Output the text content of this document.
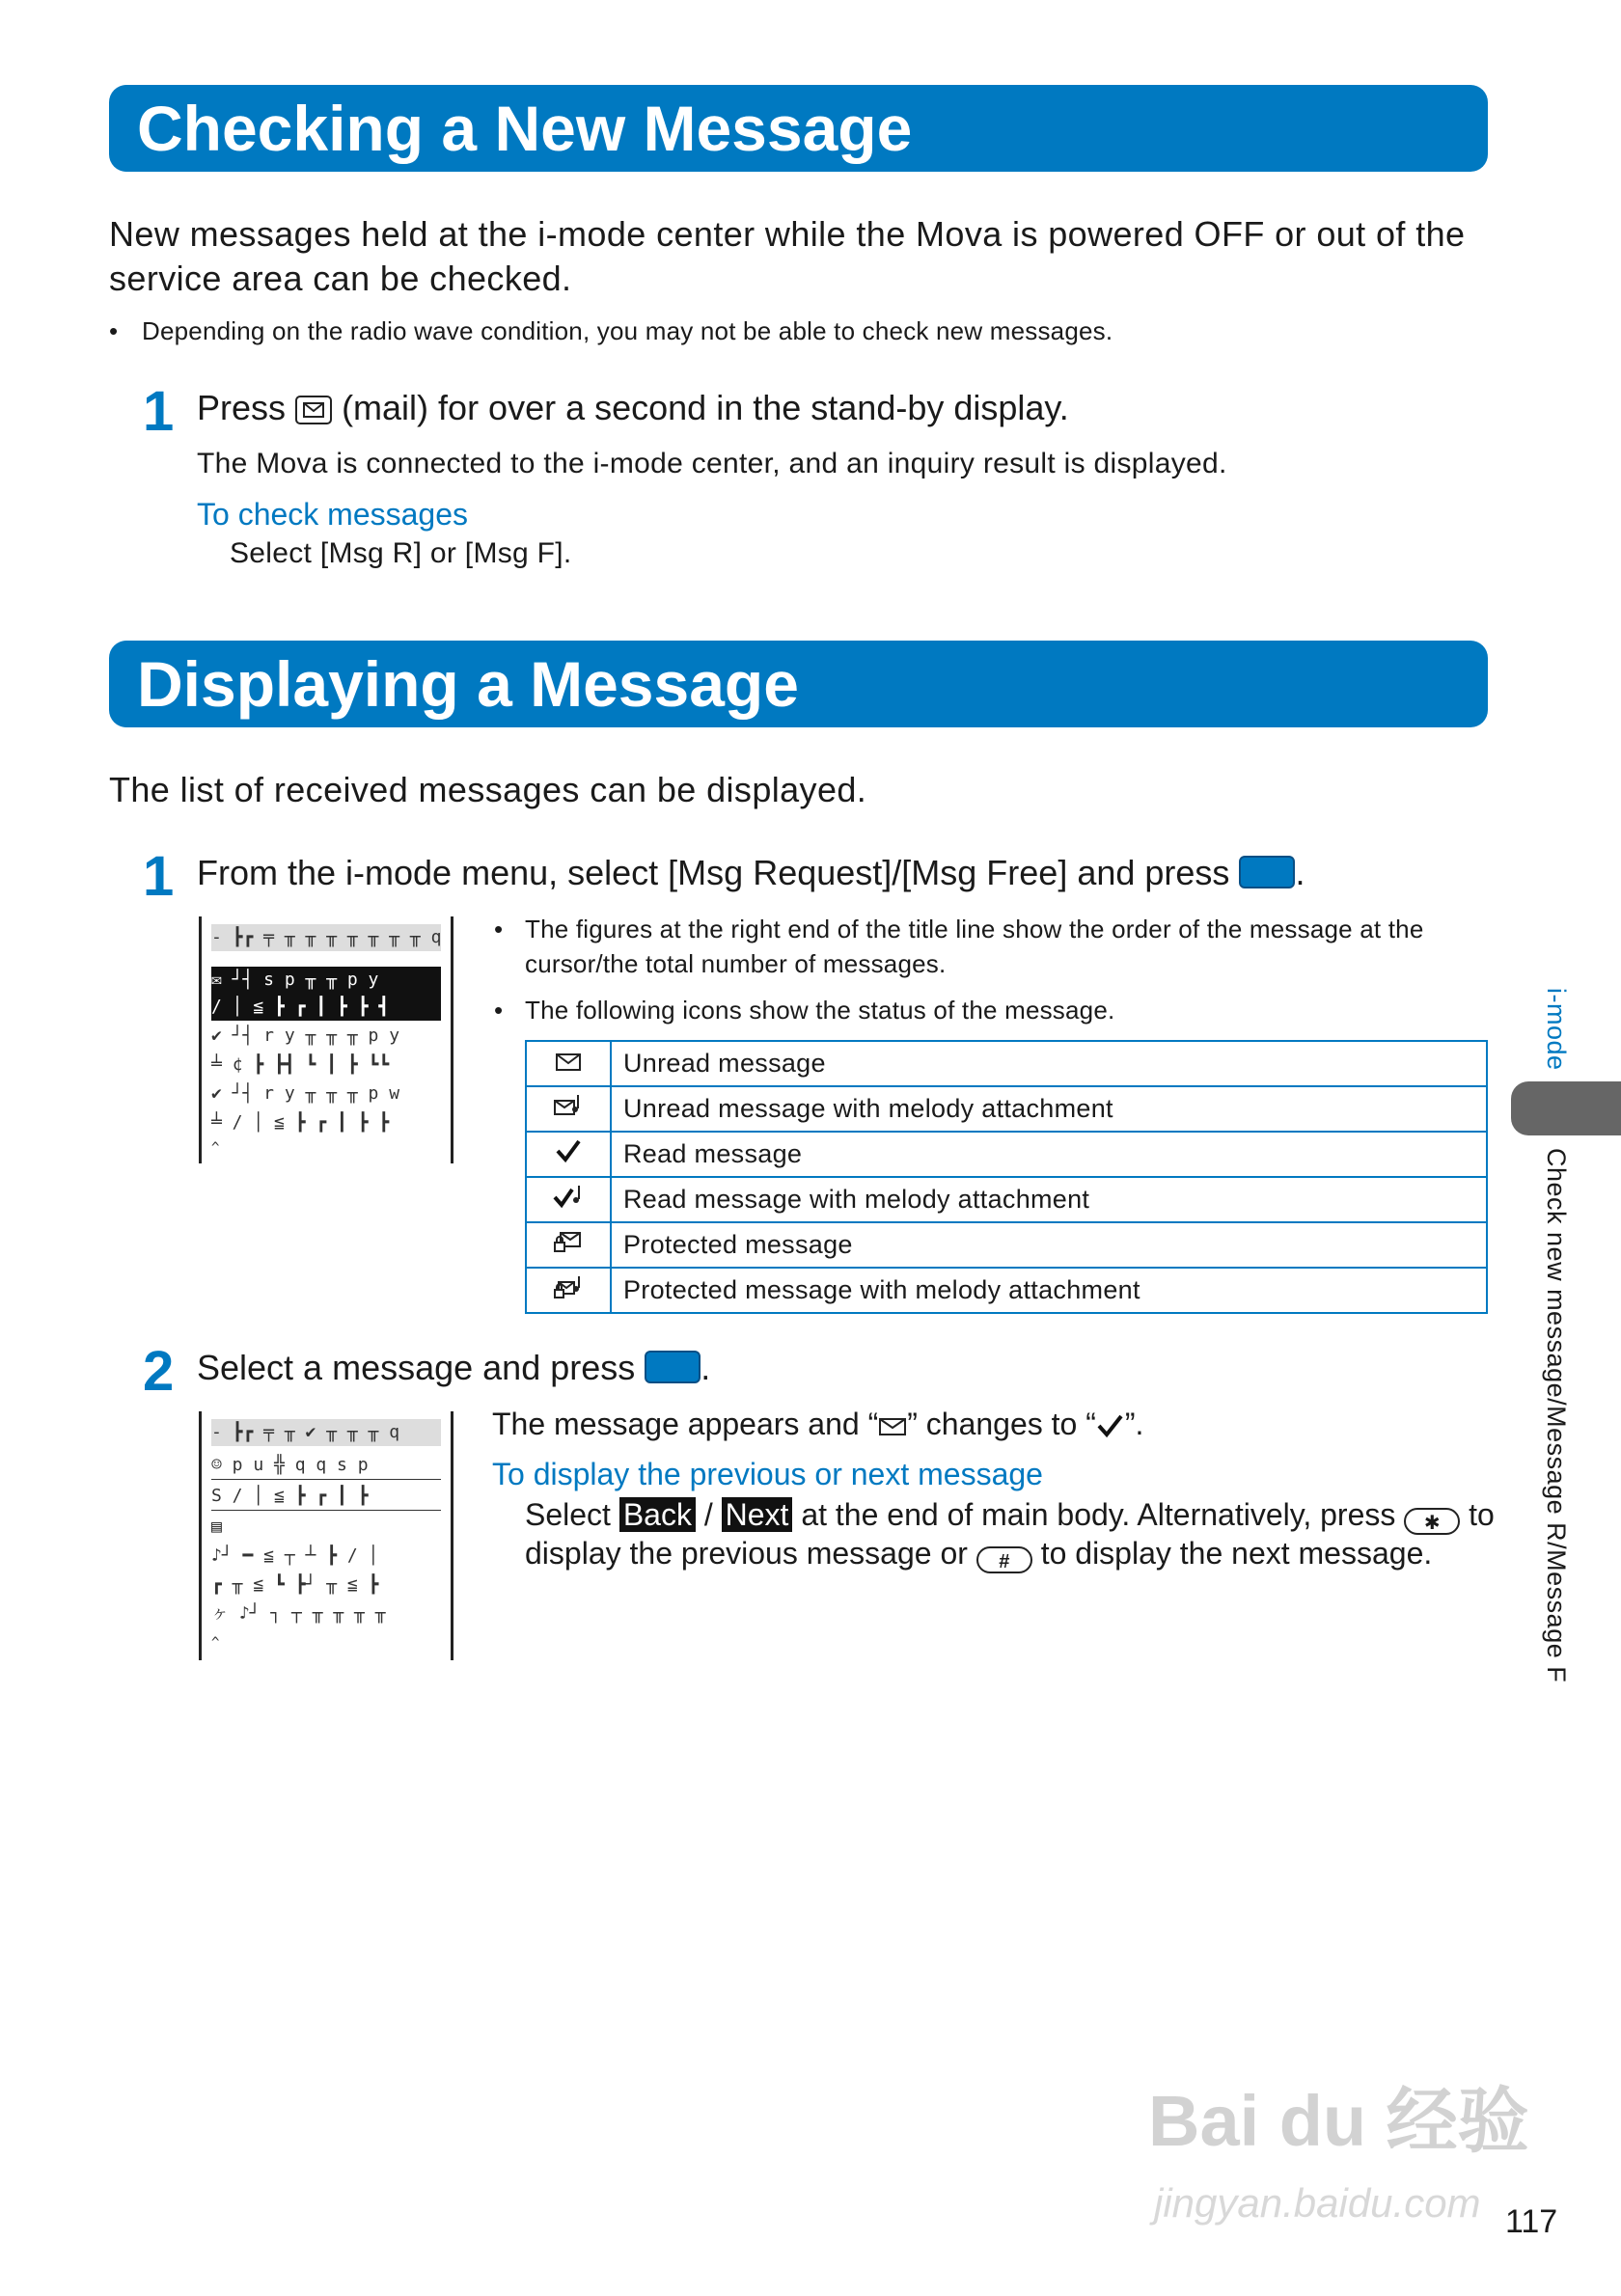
Checking a New Message
New messages held at the i-mode center while the Mova is powered OFF or out of the
service area can be checked.
• Depending on the radio wave condition, you may not be able to check new messages.
1 Press (mail) for over a second in the stand-by display.
The Mova is connected to the i-mode center, and an inquiry result is displayed.
To check messages
Select [Msg R] or [Msg F].
Displaying a Message
The list of received messages can be displayed.
1 From the i-mode menu, select [Msg Request]/[Msg Free] and press .
- ┣┏ ╤ ╥ ╥ ╥ ╥ ╥ ╥ ╥ q
✉ ┘┤ s p ╥ ╥ p y
/ │ ≦ ┣ ┏ ┃ ┣ ┣ ┫
✔ ┘┤ r y ╥ ╥ ╥ p y
╧ ¢ ┣ ┣┫ ┗ ┃ ┣ ┗┗
✔ ┘┤ r y ╥ ╥ ╥ p w
╧ / │ ≦ ┣ ┏ ┃ ┣ ┣
^
• The figures at the right end of the title line show the order of the message at the
cursor/the total number of messages.
• The following icons show the status of the message.
	Unread message
	Unread message with melody attachment
	Read message
	Read message with melody attachment
	Protected message
	Protected message with melody attachment
2 Select a message and press .
- ┣┏ ╤ ╥ ✔ ╥ ╥ ╥ q
☺ p u ╬ q q s p
S / │ ≦ ┣ ┏ ┃ ┣
▤
♪┘ ━ ≦ ┬ ┴ ┣ / │
┏ ╥ ≦ ┗ ┣┘ ╥ ≦ ┣
ヶ ♪┘ ┐ ┬ ╥ ╥ ╥ ╥
^
The message appears and “ ” changes to “ ”.
To display the previous or next message
Select Back / Next at the end of main body. Alternatively, press ✱ to
display the previous message or # to display the next message.
i-mode
Check new message/Message R/Message F
Bai du 经验
jingyan.baidu.com 117
